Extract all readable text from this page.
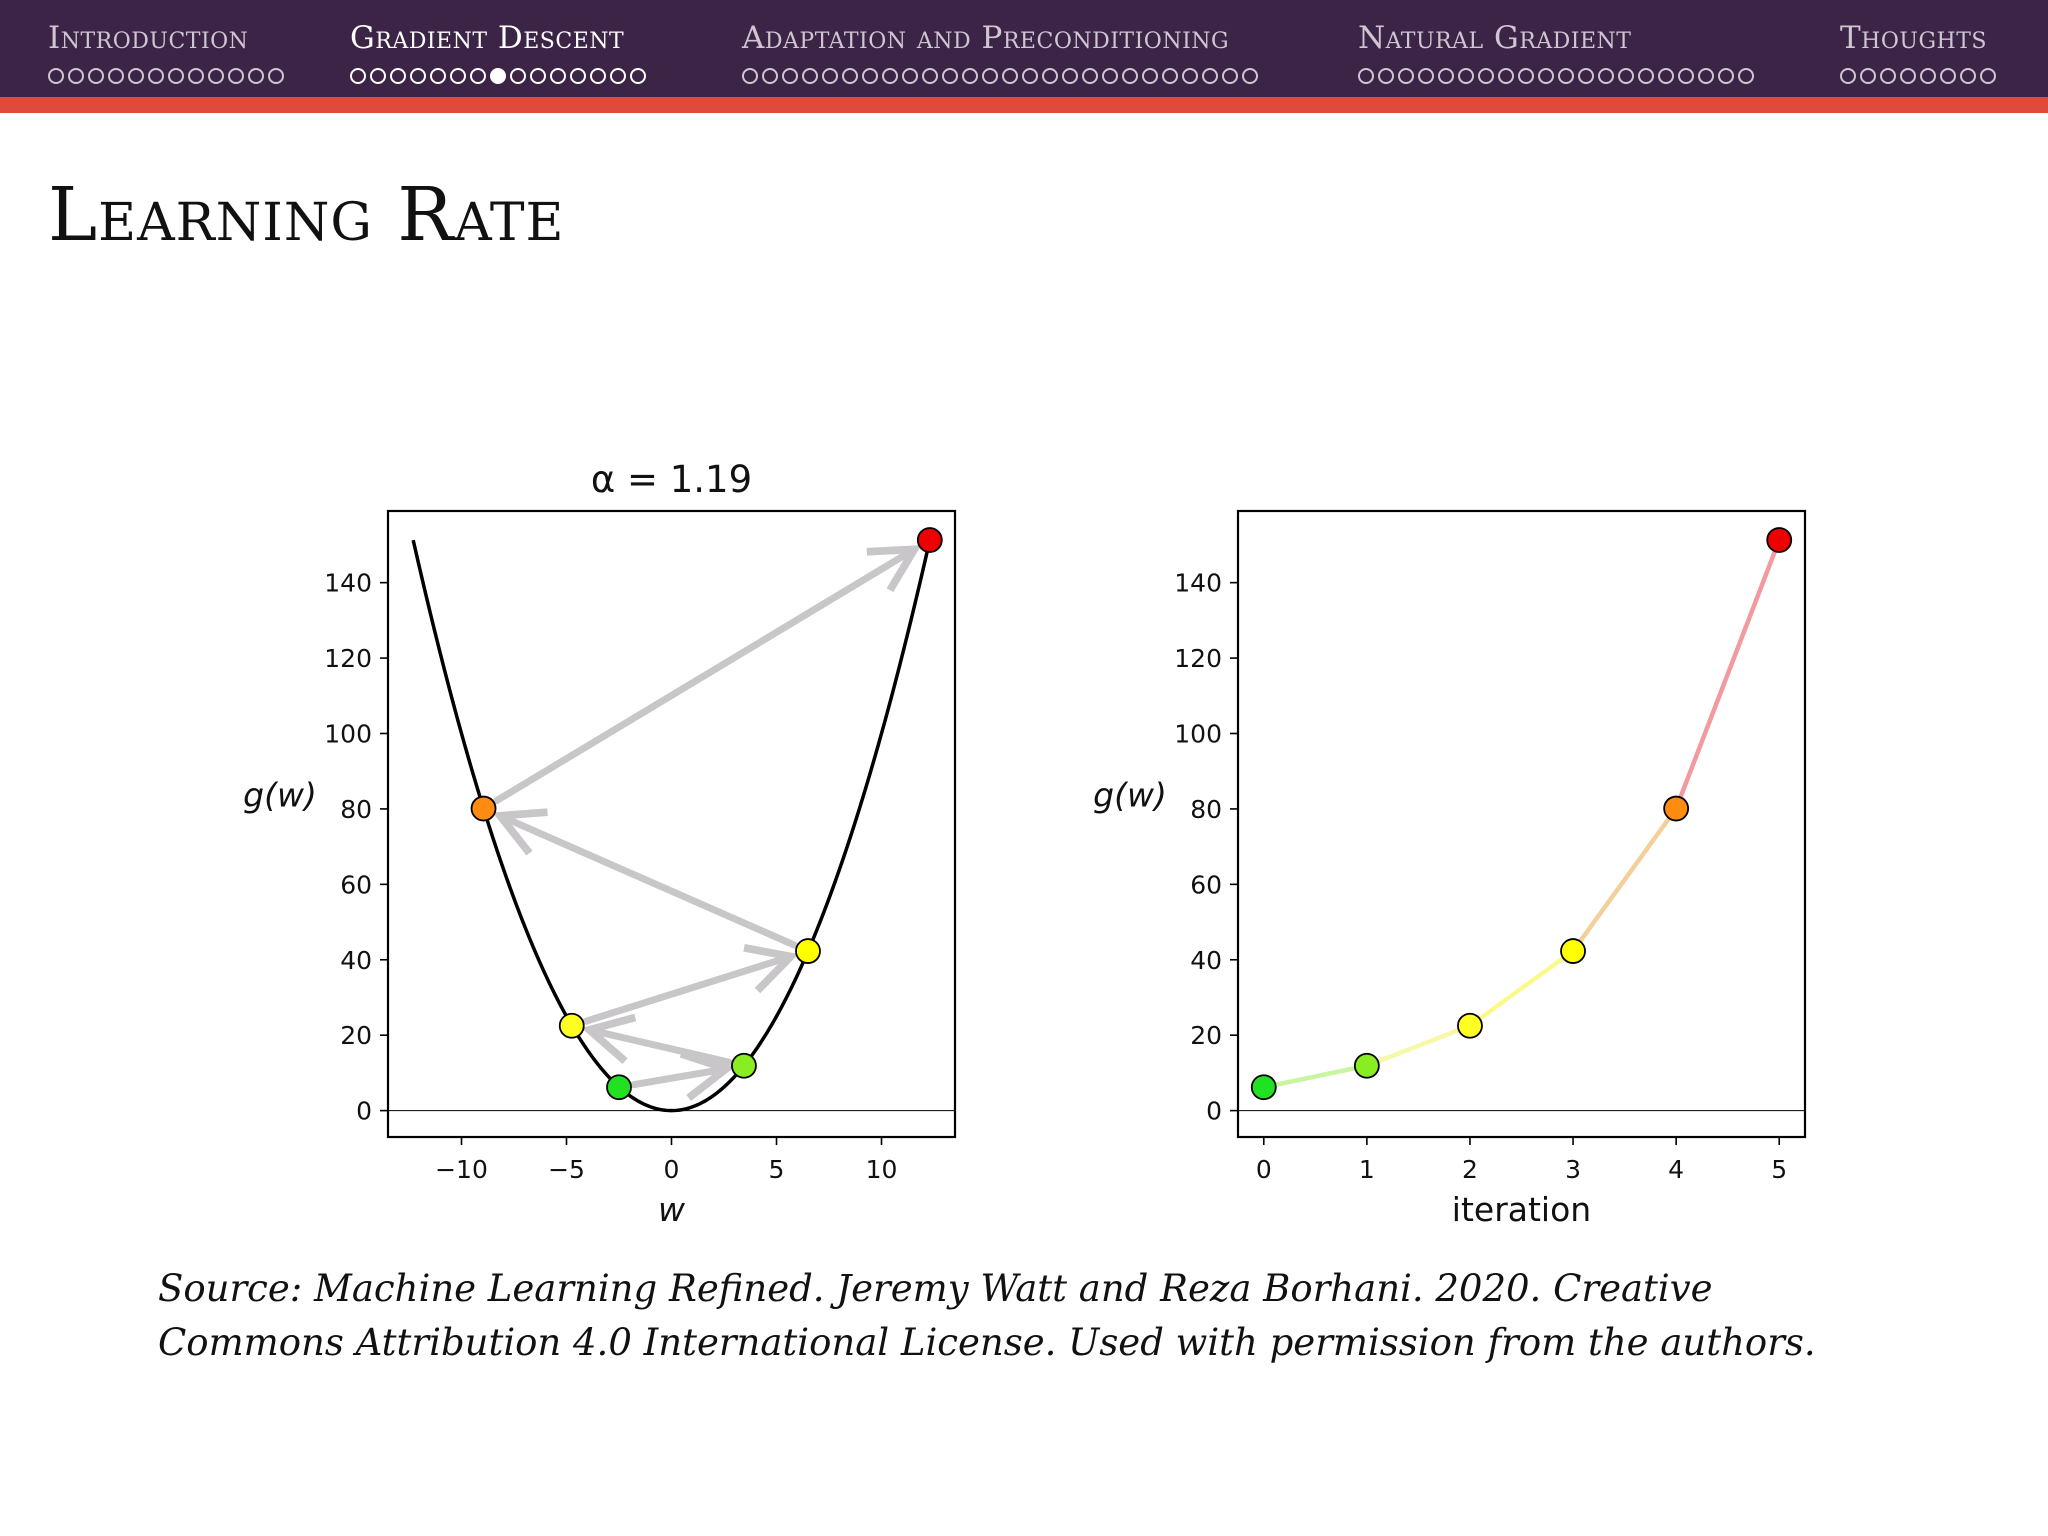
Introduction	Gradient Descent	Adaptation and Preconditioning	Natural Gradient	Thoughts
Learning Rate
0
20
40
60
80
100
120
140
−10 −5	0	5	10
w
g(w)
α = 1.19
0
20
40
60
80
100
120
140
0	1	2	3	4	5
iteration
g(w)
Source: Machine Learning Refined. Jeremy Watt and Reza Borhani. 2020. Creative Commons Attribution 4.0 International License. Used with permission from the authors.
